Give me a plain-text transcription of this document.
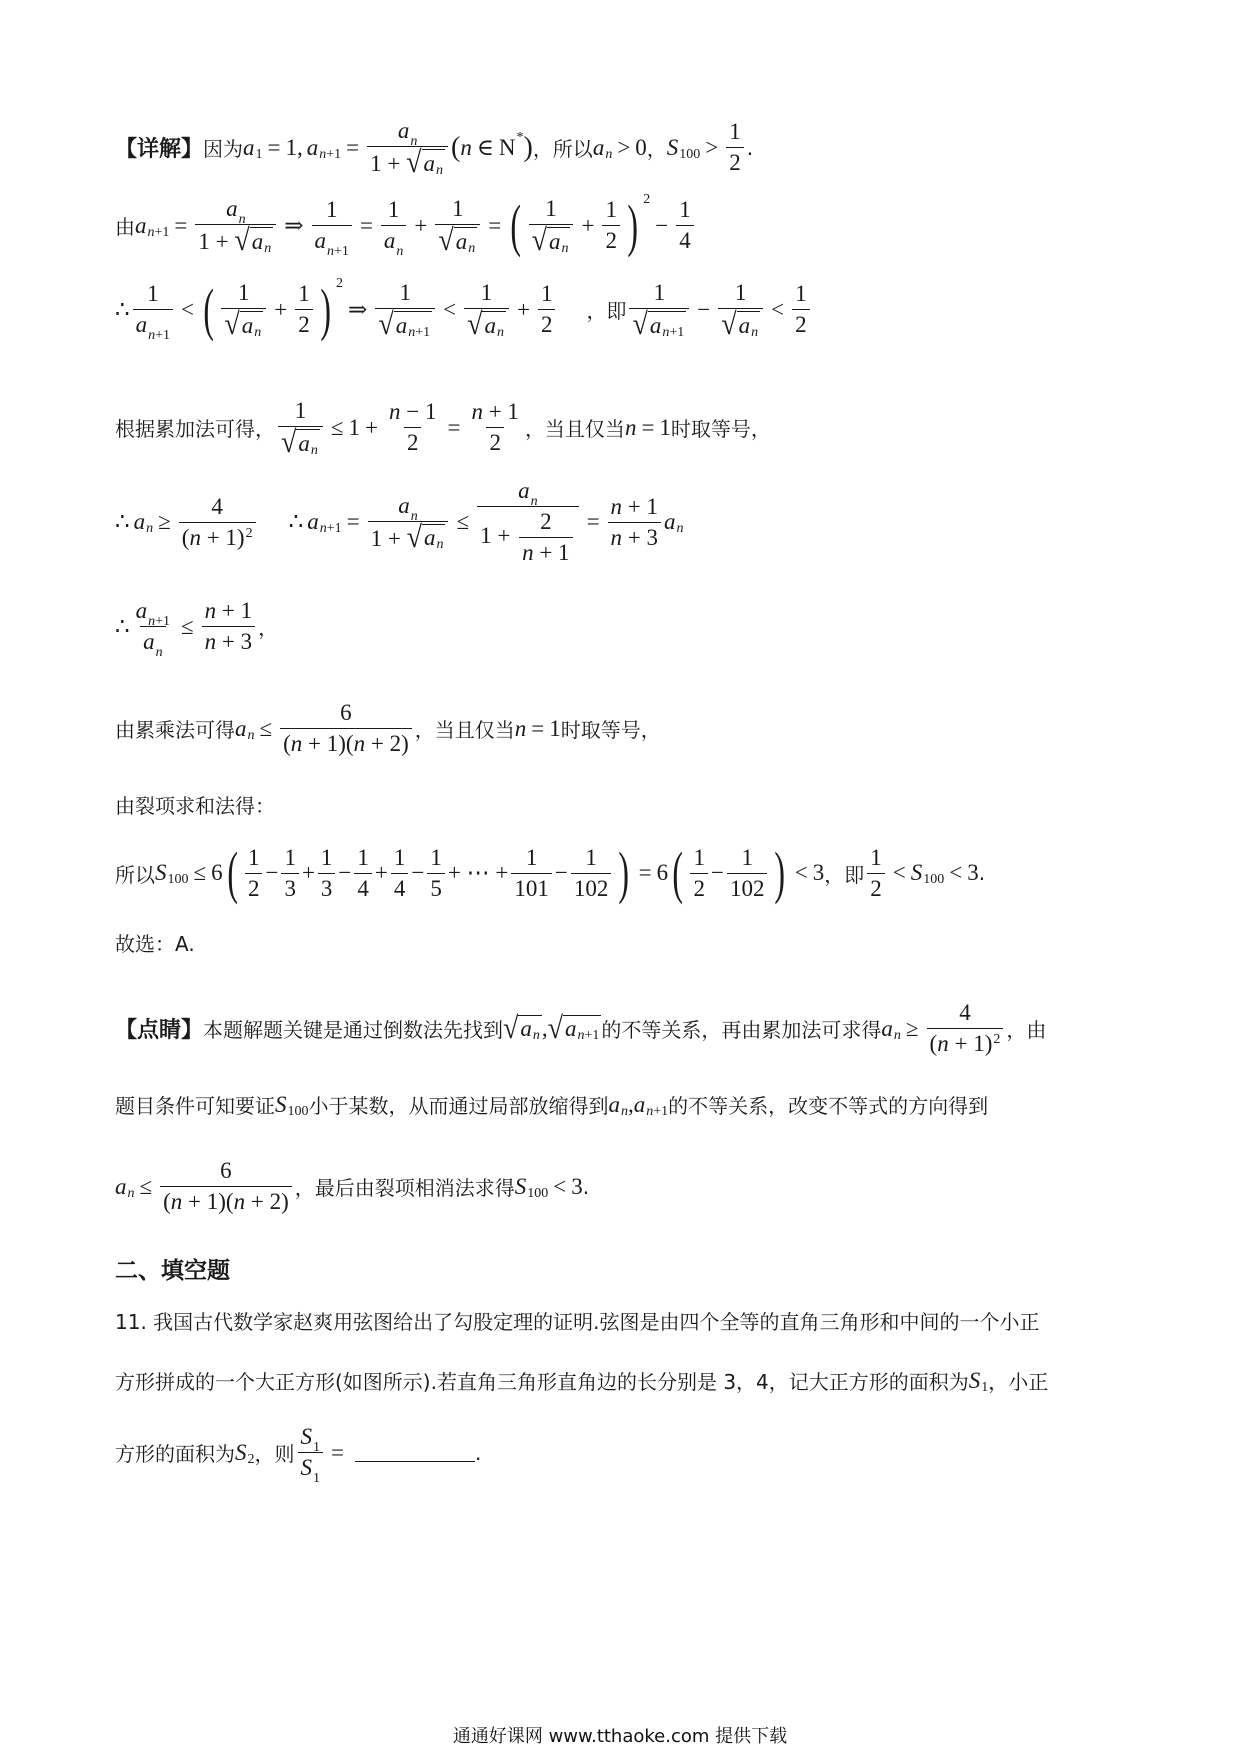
【详解】 因为 a 1 = 1, a $n+1 = \frac{a_n}{\text{1 + √ a n}}$ ( n ∈ N * ) ，所以 a n > 0 ， S $100 > \frac{1}{2}$ .
由 a $n+1 = \frac{a_n}{\text{1 + √ a n}}$ ⇒ $\frac{1}{a_{n+1}} = \frac{1}{a_n} + \frac{1}{\text{√ a n}}$ = ( $\frac{1}{\text{√ a n}} + \frac{1}{2}$ ) 2
− $\frac{1}{4}$
∴ $\frac{1}{a_{n+1}}$ < ( $\frac{1}{\text{√ a n}} + \frac{1}{2}$ ) 2
⇒ $\frac{1}{\text{√ a n+1}} < \frac{1}{\text{√ a n}} + \frac{1}{2}$ ，即 $\frac{1}{\text{√ a n+1}} - \frac{1}{\text{√ a n}} < \frac{1}{2}$
根据累加法可得， $\frac{1}{\text{√ a n}} \le 1 + \frac{n - 1}{2} = \frac{n + 1}{2}$ ，当且仅当 n = 1 时取等号，
∴ a $n \ge \frac{4}{(n + 1)^2}$ ∴ a $n+1 = \frac{a_n}{\text{1 + √ a n}} \le \frac{a_n}{1 + \frac{2}{n + 1}} = \frac{n + 1}{n + 3}$ a n
∴ $\frac{a_{n+1}}{a_n} \le \frac{n + 1}{n + 3}$ ，
由累乘法可得 a $n \le \frac{6}{(n + 1)(n + 2)}$ ，当且仅当 n = 1 时取等号，
由裂项求和法得：
所以 S 100 ≤ 6 ( $\frac{1}{2} - \frac{1}{3} + \frac{1}{3} - \frac{1}{4} + \frac{1}{4} - \frac{1}{5}$ + ⋯ + $\frac{1}{101} - \frac{1}{102}$ ) = 6 ( $\frac{1}{2} - \frac{1}{102}$ ) < 3 ，即 $\frac{1}{2} < S$ 100 < 3 .
故选：A.
【点睛】 本题解题关键是通过倒数法先找到 √ a n , √ a n+1 的不等关系，再由累加法可求得 a $n \ge \frac{4}{(n + 1)^2}$ ，由
题目条件可知要证 S 100 小于某数，从而通过局部放缩得到 a n , a n+1 的不等关系，改变不等式的方向得到
a $n \le \frac{6}{(n + 1)(n + 2)}$ ，最后由裂项相消法求得 S 100 < 3 .
二、填空题
11. 我国古代数学家赵爽用弦图给出了勾股定理的证明.弦图是由四个全等的直角三角形和中间的一个小正
方形拼成的一个大正方形(如图所示).若直角三角形直角边的长分别是 3，4，记大正方形的面积为 S 1 ，小正
方形的面积为 S 2 ，则 $\frac{S_1}{S_1}$ =	.
通通好课网 www.tthaoke.com 提供下载
